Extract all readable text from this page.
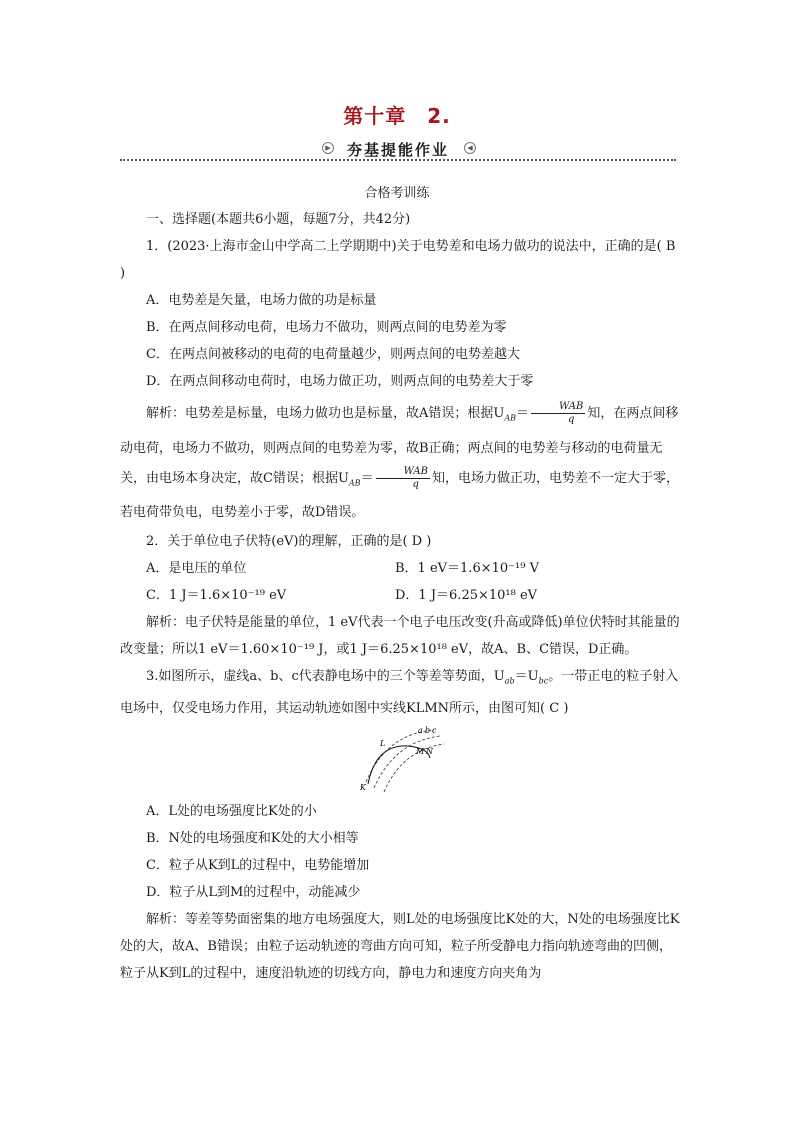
第十章　2.
▶	夯基提能作业	◀
合格考训练

一、选择题(本题共6小题，每题7分，共42分)

1．(2023·上海市金山中学高二上学期期中)关于电势差和电场力做功的说法中，正确的是( B )

A．电势差是矢量，电场力做的功是标量

B．在两点间移动电荷，电场力不做功，则两点间的电势差为零

C．在两点间被移动的电荷的电荷量越少，则两点间的电势差越大

D．在两点间移动电荷时，电场力做正功，则两点间的电势差大于零

解析：电势差是标量，电场力做功也是标量，故A错误；根据$U_{AB}= \frac{\text{WAB}}{q}$ 知，在两点间移动电荷，电场力不做功，则两点间的电势差为零，故B正确；两点间的电势差与移动的电荷量无关，由电场本身决定，故C错误；根据$U_{AB}= \frac{\text{WAB}}{q}$ 知，电场力做正功，电势差不一定大于零，若电荷带负电，电势差小于零，故D错误。

2．关于单位电子伏特(eV)的理解，正确的是( D )

A．是电压的单位	B．1 eV＝1.6×10⁻¹⁹ V
C．1 J＝1.6×10⁻¹⁹ eV	D．1 J＝6.25×10¹⁸ eV

解析：电子伏特是能量的单位，1 eV代表一个电子电压改变(升高或降低)单位伏特时其能量的改变量；所以1 eV＝1.60×10⁻¹⁹ J，或1 J＝6.25×10¹⁸ eV，故A、B、C错误，D正确。

3.如图所示，虚线a、b、c代表静电场中的三个等差等势面，$U_{ab}=U_{bc}$。一带正电的粒子射入电场中，仅受电场力作用，其运动轨迹如图中实线KLMN所示，由图可知( C )

a b c
L
M N
K

A．L处的电场强度比K处的小

B．N处的电场强度和K处的大小相等

C．粒子从K到L的过程中，电势能增加

D．粒子从L到M的过程中，动能减少

解析：等差等势面密集的地方电场强度大，则L处的电场强度比K处的大，N处的电场强度比K处的大，故A、B错误；由粒子运动轨迹的弯曲方向可知，粒子所受静电力指向轨迹弯曲的凹侧，粒子从K到L的过程中，速度沿轨迹的切线方向，静电力和速度方向夹角为
